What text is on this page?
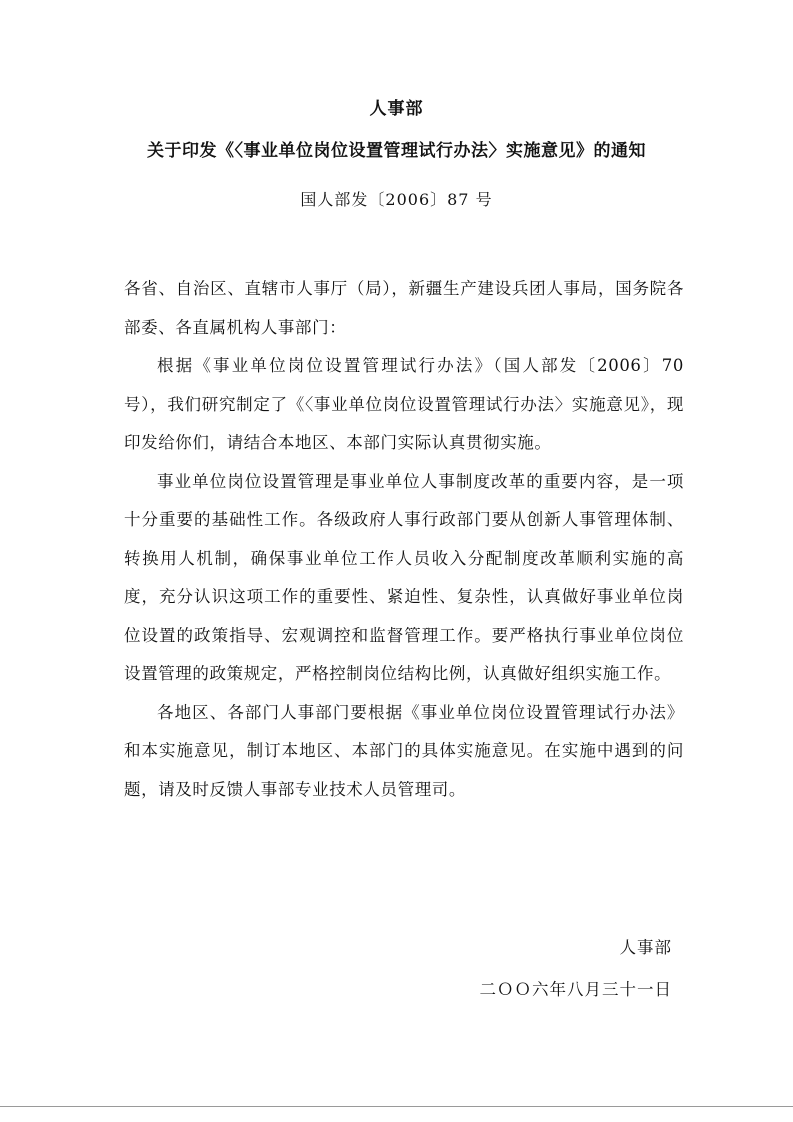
人事部
关于印发《〈事业单位岗位设置管理试行办法〉实施意见》的通知
国人部发〔2006〕87 号

各省、自治区、直辖市人事厅（局），新疆生产建设兵团人事局，国务院各部委、各直属机构人事部门：

根据《事业单位岗位设置管理试行办法》（国人部发〔2006〕70号），我们研究制定了《〈事业单位岗位设置管理试行办法〉实施意见》，现印发给你们，请结合本地区、本部门实际认真贯彻实施。

事业单位岗位设置管理是事业单位人事制度改革的重要内容，是一项十分重要的基础性工作。各级政府人事行政部门要从创新人事管理体制、转换用人机制，确保事业单位工作人员收入分配制度改革顺利实施的高度，充分认识这项工作的重要性、紧迫性、复杂性，认真做好事业单位岗位设置的政策指导、宏观调控和监督管理工作。要严格执行事业单位岗位设置管理的政策规定，严格控制岗位结构比例，认真做好组织实施工作。

各地区、各部门人事部门要根据《事业单位岗位设置管理试行办法》和本实施意见，制订本地区、本部门的具体实施意见。在实施中遇到的问题，请及时反馈人事部专业技术人员管理司。

人事部
二ＯＯ六年八月三十一日
